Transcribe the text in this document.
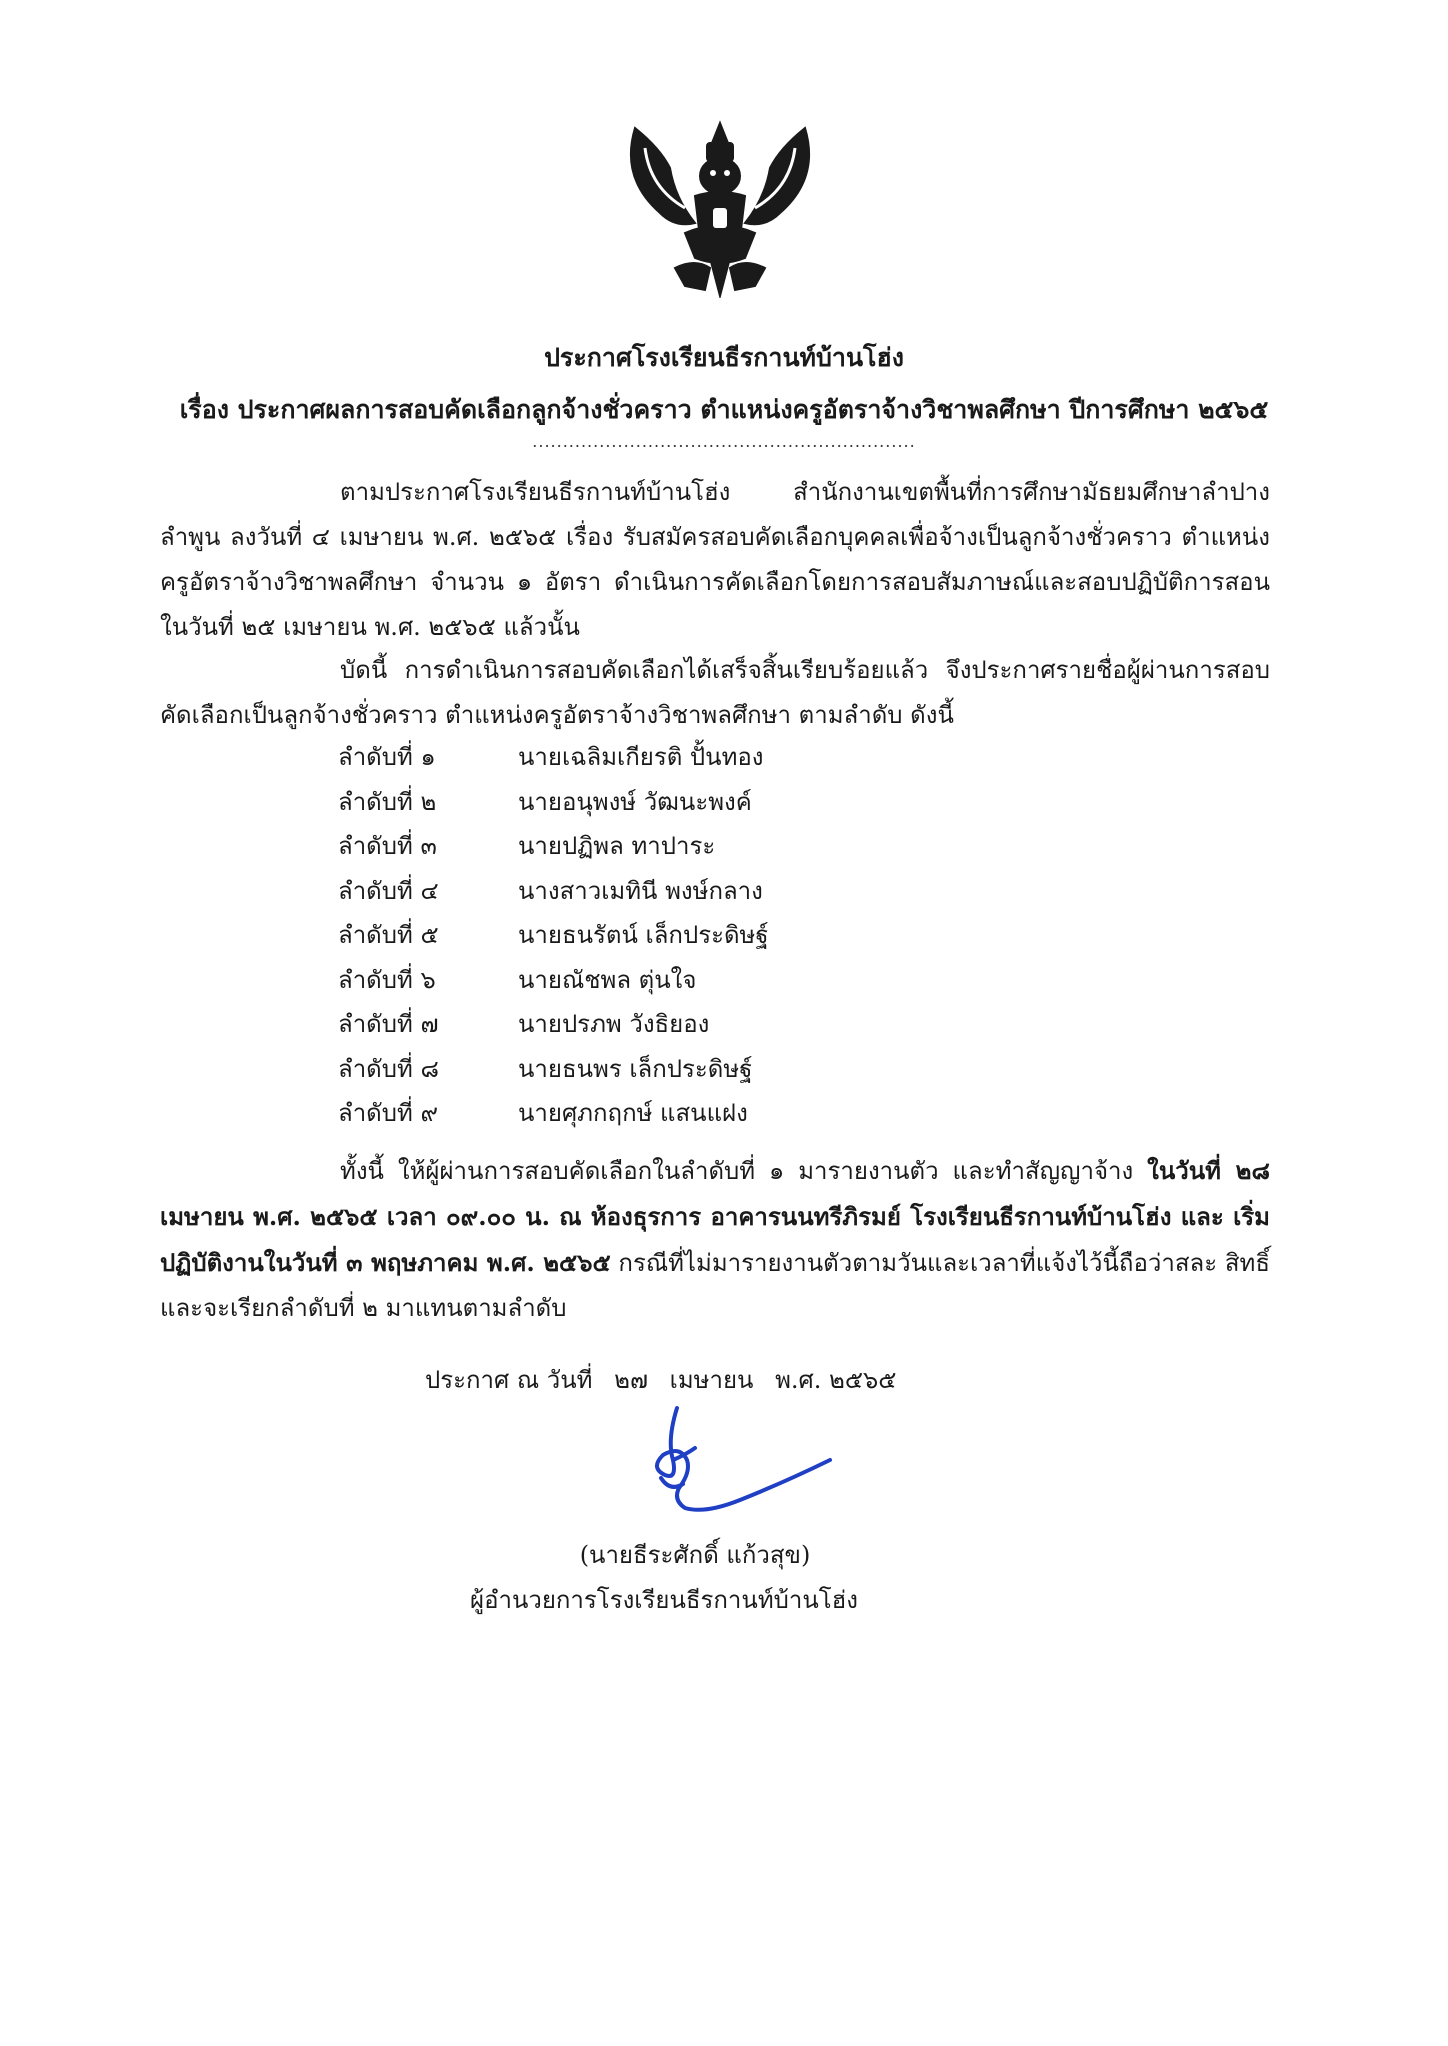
ประกาศโรงเรียนธีรกานท์บ้านโฮ่ง
เรื่อง ประกาศผลการสอบคัดเลือกลูกจ้างชั่วคราว ตำแหน่งครูอัตราจ้างวิชาพลศึกษา ปีการศึกษา ๒๕๖๕
...............................................................
ตามประกาศโรงเรียนธีรกานท์บ้านโฮ่ง สำนักงานเขตพื้นที่การศึกษามัธยมศึกษาลำปาง ลำพูน ลงวันที่ ๔ เมษายน พ.ศ. ๒๕๖๕ เรื่อง รับสมัครสอบคัดเลือกบุคคลเพื่อจ้างเป็นลูกจ้างชั่วคราว ตำแหน่ง ครูอัตราจ้างวิชาพลศึกษา จำนวน ๑ อัตรา ดำเนินการคัดเลือกโดยการสอบสัมภาษณ์และสอบปฏิบัติการสอน ในวันที่ ๒๕ เมษายน พ.ศ. ๒๕๖๕ แล้วนั้น
บัดนี้ การดำเนินการสอบคัดเลือกได้เสร็จสิ้นเรียบร้อยแล้ว จึงประกาศรายชื่อผู้ผ่านการสอบ คัดเลือกเป็นลูกจ้างชั่วคราว ตำแหน่งครูอัตราจ้างวิชาพลศึกษา ตามลำดับ ดังนี้
ลำดับที่ ๑	นายเฉลิมเกียรติ ปั้นทอง
ลำดับที่ ๒	นายอนุพงษ์ วัฒนะพงค์
ลำดับที่ ๓	นายปฏิพล ทาปาระ
ลำดับที่ ๔	นางสาวเมทินี พงษ์กลาง
ลำดับที่ ๕	นายธนรัตน์ เล็กประดิษฐ์
ลำดับที่ ๖	นายณัชพล ตุ่นใจ
ลำดับที่ ๗	นายปรภพ วังธิยอง
ลำดับที่ ๘	นายธนพร เล็กประดิษฐ์
ลำดับที่ ๙	นายศุภกฤกษ์ แสนแฝง
ทั้งนี้ ให้ผู้ผ่านการสอบคัดเลือกในลำดับที่ ๑ มารายงานตัว และทำสัญญาจ้าง ในวันที่ ๒๘ เมษายน พ.ศ. ๒๕๖๕ เวลา ๐๙.๐๐ น. ณ ห้องธุรการ อาคารนนทรีภิรมย์ โรงเรียนธีรกานท์บ้านโฮ่ง และ เริ่มปฏิบัติงานในวันที่ ๓ พฤษภาคม พ.ศ. ๒๕๖๕ กรณีที่ไม่มารายงานตัวตามวันและเวลาที่แจ้งไว้นี้ถือว่าสละ สิทธิ์และจะเรียกลำดับที่ ๒ มาแทนตามลำดับ
ประกาศ ณ วันที่ ๒๗ เมษายน พ.ศ. ๒๕๖๕
(นายธีระศักดิ์ แก้วสุข)
ผู้อำนวยการโรงเรียนธีรกานท์บ้านโฮ่ง
